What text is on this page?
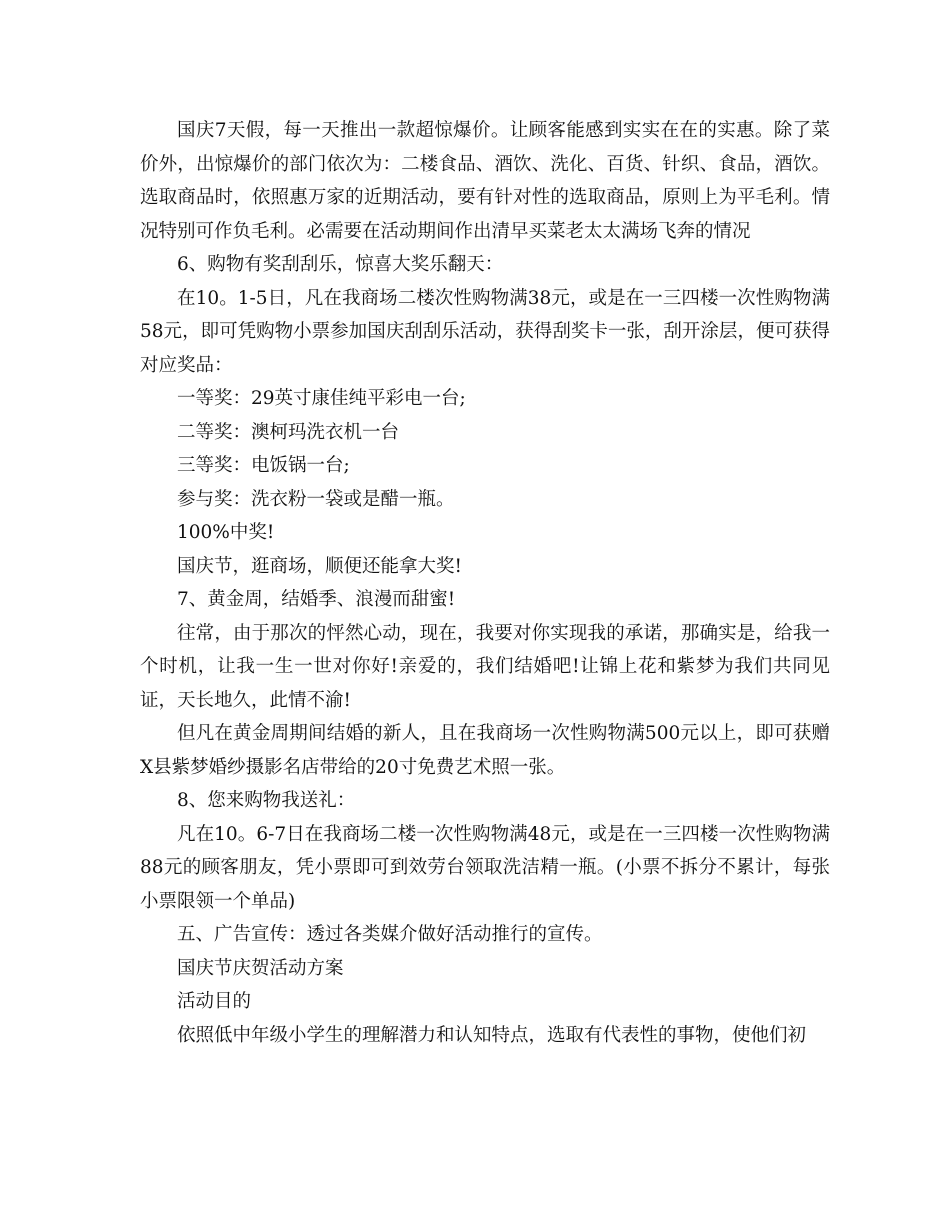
国庆7天假，每一天推出一款超惊爆价。让顾客能感到实实在在的实惠。除了菜价外，出惊爆价的部门依次为：二楼食品、酒饮、洗化、百货、针织、食品，酒饮。选取商品时，依照惠万家的近期活动，要有针对性的选取商品，原则上为平毛利。情况特别可作负毛利。必需要在活动期间作出清早买菜老太太满场飞奔的情况

6、购物有奖刮刮乐，惊喜大奖乐翻天：

在10。1-5日，凡在我商场二楼次性购物满38元，或是在一三四楼一次性购物满58元，即可凭购物小票参加国庆刮刮乐活动，获得刮奖卡一张，刮开涂层，便可获得对应奖品：

一等奖：29英寸康佳纯平彩电一台;

二等奖：澳柯玛洗衣机一台

三等奖：电饭锅一台;

参与奖：洗衣粉一袋或是醋一瓶。

100%中奖!

国庆节，逛商场，顺便还能拿大奖!

7、黄金周，结婚季、浪漫而甜蜜!

往常，由于那次的怦然心动，现在，我要对你实现我的承诺，那确实是，给我一个时机，让我一生一世对你好!亲爱的，我们结婚吧!让锦上花和紫梦为我们共同见证，天长地久，此情不渝!

但凡在黄金周期间结婚的新人，且在我商场一次性购物满500元以上，即可获赠X县紫梦婚纱摄影名店带给的20寸免费艺术照一张。

8、您来购物我送礼：

凡在10。6-7日在我商场二楼一次性购物满48元，或是在一三四楼一次性购物满88元的顾客朋友，凭小票即可到效劳台领取洗洁精一瓶。(小票不拆分不累计，每张小票限领一个单品)

五、广告宣传：透过各类媒介做好活动推行的宣传。

国庆节庆贺活动方案

活动目的

依照低中年级小学生的理解潜力和认知特点，选取有代表性的事物，使他们初
